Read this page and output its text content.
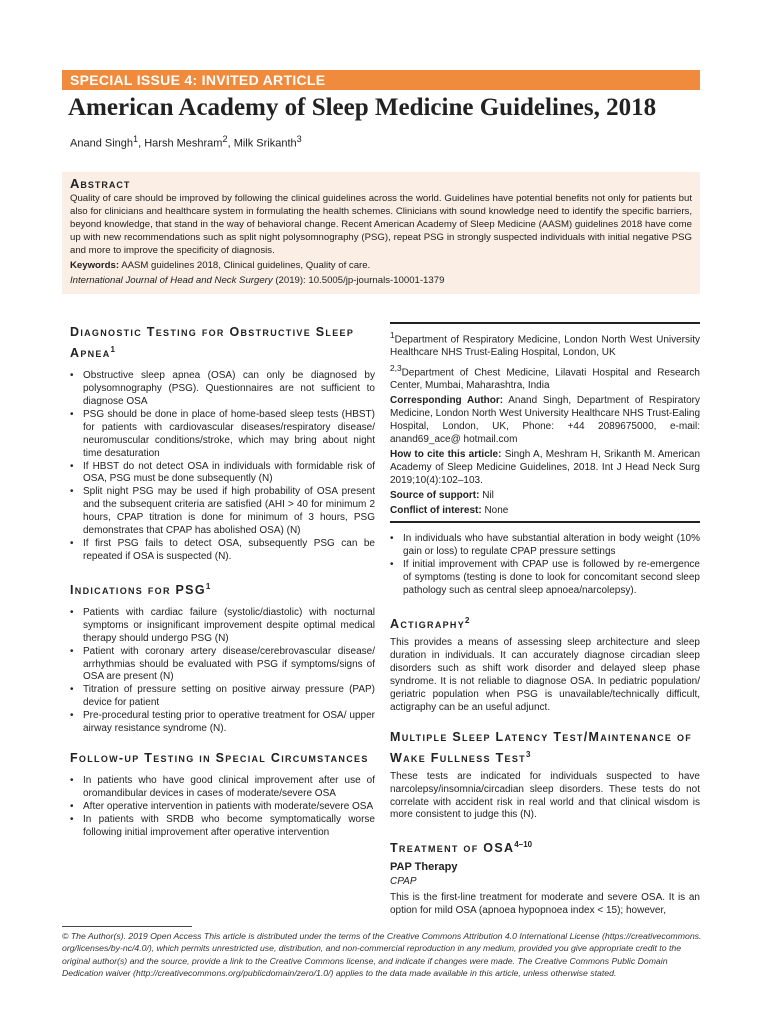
SPECIAL ISSUE 4: INVITED ARTICLE
American Academy of Sleep Medicine Guidelines, 2018
Anand Singh$^1$, Harsh Meshram$^2$, Milk Srikanth$^3$
Abstract

Quality of care should be improved by following the clinical guidelines across the world. Guidelines have potential benefits not only for patients but also for clinicians and healthcare system in formulating the health schemes. Clinicians with sound knowledge need to identify the specific barriers, beyond knowledge, that stand in the way of behavioral change. Recent American Academy of Sleep Medicine (AASM) guidelines 2018 have come up with new recommendations such as split night polysomnography (PSG), repeat PSG in strongly suspected individuals with initial negative PSG and more to improve the specificity of diagnosis.

Keywords: AASM guidelines 2018, Clinical guidelines, Quality of care.

International Journal of Head and Neck Surgery (2019): 10.5005/jp-journals-10001-1379

Diagnostic Testing for Obstructive Sleep Apnea$^1$
• Obstructive sleep apnea (OSA) can only be diagnosed by polysomnography (PSG). Questionnaires are not sufficient to diagnose OSA
• PSG should be done in place of home-based sleep tests (HBST) for patients with cardiovascular diseases/respiratory disease/ neuromuscular conditions/stroke, which may bring about night time desaturation
• If HBST do not detect OSA in individuals with formidable risk of OSA, PSG must be done subsequently (N)
• Split night PSG may be used if high probability of OSA present and the subsequent criteria are satisfied (AHI > 40 for minimum 2 hours, CPAP titration is done for minimum of 3 hours, PSG demonstrates that CPAP has abolished OSA) (N)
• If first PSG fails to detect OSA, subsequently PSG can be repeated if OSA is suspected (N).
Indications for PSG$^1$
• Patients with cardiac failure (systolic/diastolic) with nocturnal symptoms or insignificant improvement despite optimal medical therapy should undergo PSG (N)
• Patient with coronary artery disease/cerebrovascular disease/ arrhythmias should be evaluated with PSG if symptoms/signs of OSA are present (N)
• Titration of pressure setting on positive airway pressure (PAP) device for patient
• Pre-procedural testing prior to operative treatment for OSA/ upper airway resistance syndrome (N).
Follow-up Testing in Special Circumstances
• In patients who have good clinical improvement after use of oromandibular devices in cases of moderate/severe OSA
• After operative intervention in patients with moderate/severe OSA
• In patients with SRDB who become symptomatically worse following initial improvement after operative intervention

$^1$Department of Respiratory Medicine, London North West University Healthcare NHS Trust-Ealing Hospital, London, UK

$^{2,3}$Department of Chest Medicine, Lilavati Hospital and Research Center, Mumbai, Maharashtra, India

Corresponding Author: Anand Singh, Department of Respiratory Medicine, London North West University Healthcare NHS Trust-Ealing Hospital, London, UK, Phone: +44 2089675000, e-mail: anand69_ace@ hotmail.com

How to cite this article: Singh A, Meshram H, Srikanth M. American Academy of Sleep Medicine Guidelines, 2018. Int J Head Neck Surg 2019;10(4):102–103.

Source of support: Nil

Conflict of interest: None

• In individuals who have substantial alteration in body weight (10% gain or loss) to regulate CPAP pressure settings
• If initial improvement with CPAP use is followed by re-emergence of symptoms (testing is done to look for concomitant second sleep pathology such as central sleep apnoea/narcolepsy).
Actigraphy$^2$

This provides a means of assessing sleep architecture and sleep duration in individuals. It can accurately diagnose circadian sleep disorders such as shift work disorder and delayed sleep phase syndrome. It is not reliable to diagnose OSA. In pediatric population/ geriatric population when PSG is unavailable/technically difficult, actigraphy can be an useful adjunct.

Multiple Sleep Latency Test/Maintenance of Wake Fullness Test$^3$

These tests are indicated for individuals suspected to have narcolepsy/insomnia/circadian sleep disorders. These tests do not correlate with accident risk in real world and that clinical wisdom is more consistent to judge this (N).

Treatment of OSA$^{4-10}$
PAP Therapy

CPAP

This is the first-line treatment for moderate and severe OSA. It is an option for mild OSA (apnoea hypopnoea index < 15); however,

© The Author(s). 2019 Open Access This article is distributed under the terms of the Creative Commons Attribution 4.0 International License (https://creativecommons. org/licenses/by-nc/4.0/), which permits unrestricted use, distribution, and non-commercial reproduction in any medium, provided you give appropriate credit to the original author(s) and the source, provide a link to the Creative Commons license, and indicate if changes were made. The Creative Commons Public Domain Dedication waiver (http://creativecommons.org/publicdomain/zero/1.0/) applies to the data made available in this article, unless otherwise stated.
